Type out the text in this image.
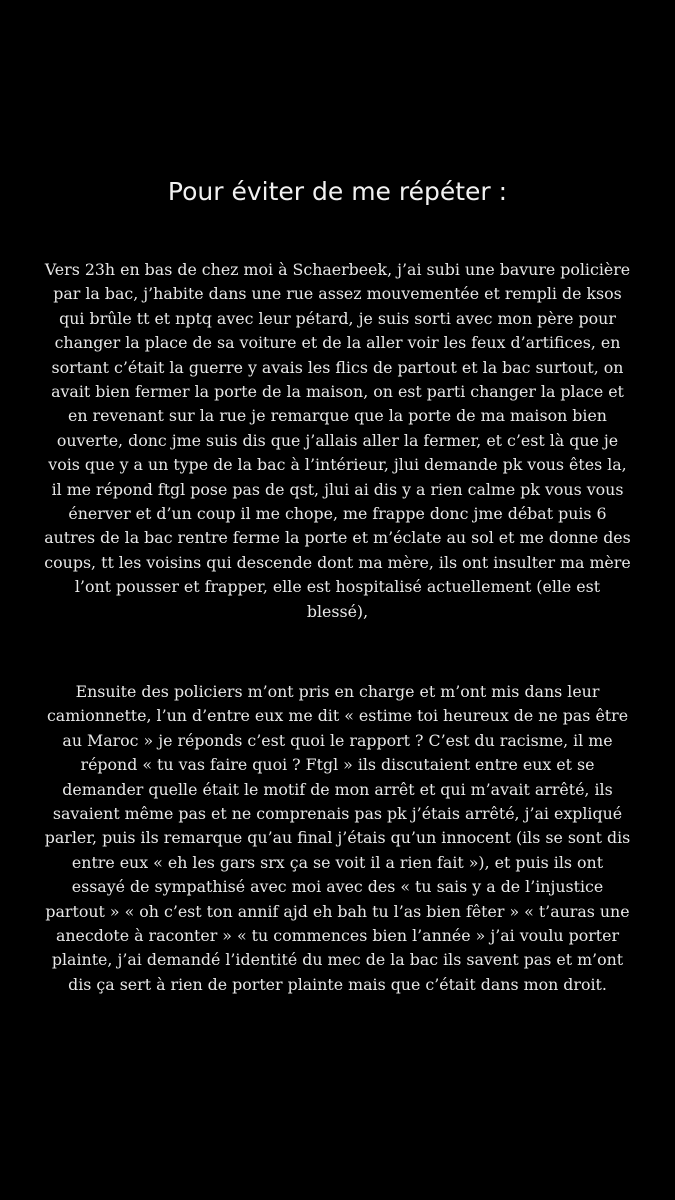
Pour éviter de me répéter :

Vers 23h en bas de chez moi à Schaerbeek, j’ai subi une bavure policière par la bac, j’habite dans une rue assez mouvementée et rempli de ksos qui brûle tt et nptq avec leur pétard, je suis sorti avec mon père pour changer la place de sa voiture et de la aller voir les feux d’artifices, en sortant c’était la guerre y avais les flics de partout et la bac surtout, on avait bien fermer la porte de la maison, on est parti changer la place et en revenant sur la rue je remarque que la porte de ma maison bien ouverte, donc jme suis dis que j’allais aller la fermer, et c’est là que je vois que y a un type de la bac à l’intérieur, jlui demande pk vous êtes la, il me répond ftgl pose pas de qst, jlui ai dis y a rien calme pk vous vous énerver et d’un coup il me chope, me frappe donc jme débat puis 6 autres de la bac rentre ferme la porte et m’éclate au sol et me donne des coups, tt les voisins qui descende dont ma mère, ils ont insulter ma mère l’ont pousser et frapper, elle est hospitalisé actuellement (elle est blessé),

Ensuite des policiers m’ont pris en charge et m’ont mis dans leur camionnette, l’un d’entre eux me dit « estime toi heureux de ne pas être au Maroc » je réponds c’est quoi le rapport ? C’est du racisme, il me répond « tu vas faire quoi ? Ftgl » ils discutaient entre eux et se demander quelle était le motif de mon arrêt et qui m’avait arrêté, ils savaient même pas et ne comprenais pas pk j’étais arrêté, j’ai expliqué parler, puis ils remarque qu’au final j’étais qu’un innocent (ils se sont dis entre eux « eh les gars srx ça se voit il a rien fait »), et puis ils ont essayé de sympathisé avec moi avec des « tu sais y a de l’injustice partout » « oh c’est ton annif ajd eh bah tu l’as bien fêter » « t’auras une anecdote à raconter » « tu commences bien l’année » j’ai voulu porter plainte, j’ai demandé l’identité du mec de la bac ils savent pas et m’ont dis ça sert à rien de porter plainte mais que c’était dans mon droit.
